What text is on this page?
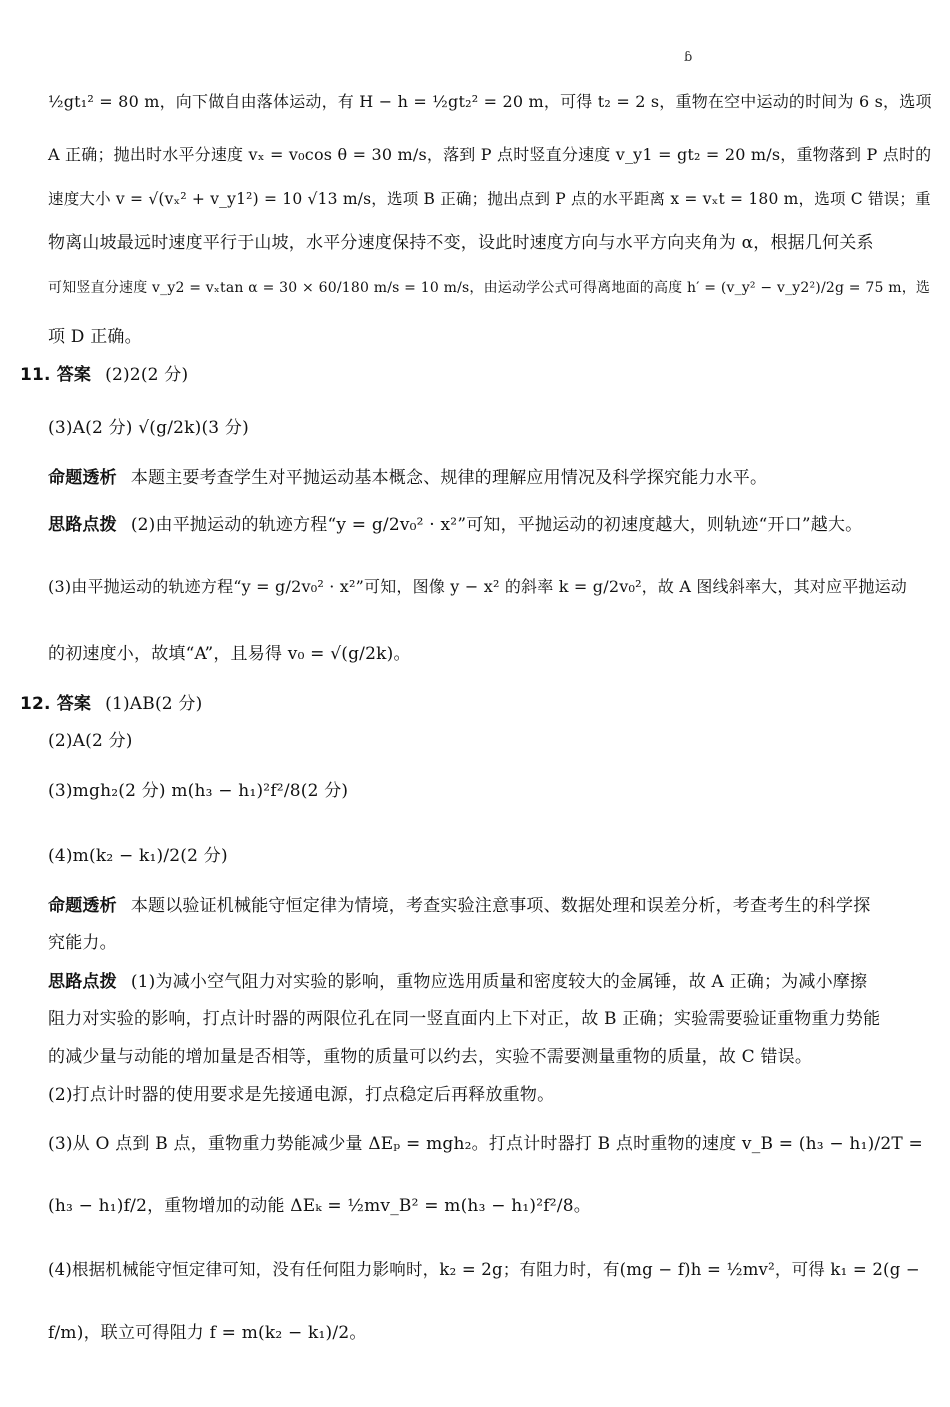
ɓ
½gt₁² = 80 m，向下做自由落体运动，有 H − h = ½gt₂² = 20 m，可得 t₂ = 2 s，重物在空中运动的时间为 6 s，选项
A 正确；抛出时水平分速度 vₓ = v₀cos θ = 30 m/s，落到 P 点时竖直分速度 v_y1 = gt₂ = 20 m/s，重物落到 P 点时的
速度大小 v = √(vₓ² + v_y1²) = 10 √13 m/s，选项 B 正确；抛出点到 P 点的水平距离 x = vₓt = 180 m，选项 C 错误；重
物离山坡最远时速度平行于山坡，水平分速度保持不变，设此时速度方向与水平方向夹角为 α，根据几何关系
可知竖直分速度 v_y2 = vₓtan α = 30 × 60/180 m/s = 10 m/s，由运动学公式可得离地面的高度 h′ = (v_y² − v_y2²)/2g = 75 m，选
项 D 正确。
11. 答案 (2)2(2 分)
(3)A(2 分) √(g/2k)(3 分)
命题透析 本题主要考查学生对平抛运动基本概念、规律的理解应用情况及科学探究能力水平。
思路点拨 (2)由平抛运动的轨迹方程“y = g/2v₀² · x²”可知，平抛运动的初速度越大，则轨迹“开口”越大。
(3)由平抛运动的轨迹方程“y = g/2v₀² · x²”可知，图像 y − x² 的斜率 k = g/2v₀²，故 A 图线斜率大，其对应平抛运动
的初速度小，故填“A”，且易得 v₀ = √(g/2k)。
12. 答案 (1)AB(2 分)
(2)A(2 分)
(3)mgh₂(2 分) m(h₃ − h₁)²f²/8(2 分)
(4)m(k₂ − k₁)/2(2 分)
命题透析 本题以验证机械能守恒定律为情境，考查实验注意事项、数据处理和误差分析，考查考生的科学探
究能力。
思路点拨 (1)为减小空气阻力对实验的影响，重物应选用质量和密度较大的金属锤，故 A 正确；为减小摩擦
阻力对实验的影响，打点计时器的两限位孔在同一竖直面内上下对正，故 B 正确；实验需要验证重物重力势能
的减少量与动能的增加量是否相等，重物的质量可以约去，实验不需要测量重物的质量，故 C 错误。
(2)打点计时器的使用要求是先接通电源，打点稳定后再释放重物。
(3)从 O 点到 B 点，重物重力势能减少量 ΔEₚ = mgh₂。打点计时器打 B 点时重物的速度 v_B = (h₃ − h₁)/2T =
(h₃ − h₁)f/2，重物增加的动能 ΔEₖ = ½mv_B² = m(h₃ − h₁)²f²/8。
(4)根据机械能守恒定律可知，没有任何阻力影响时，k₂ = 2g；有阻力时，有(mg − f)h = ½mv²，可得 k₁ = 2(g −
f/m)，联立可得阻力 f = m(k₂ − k₁)/2。
